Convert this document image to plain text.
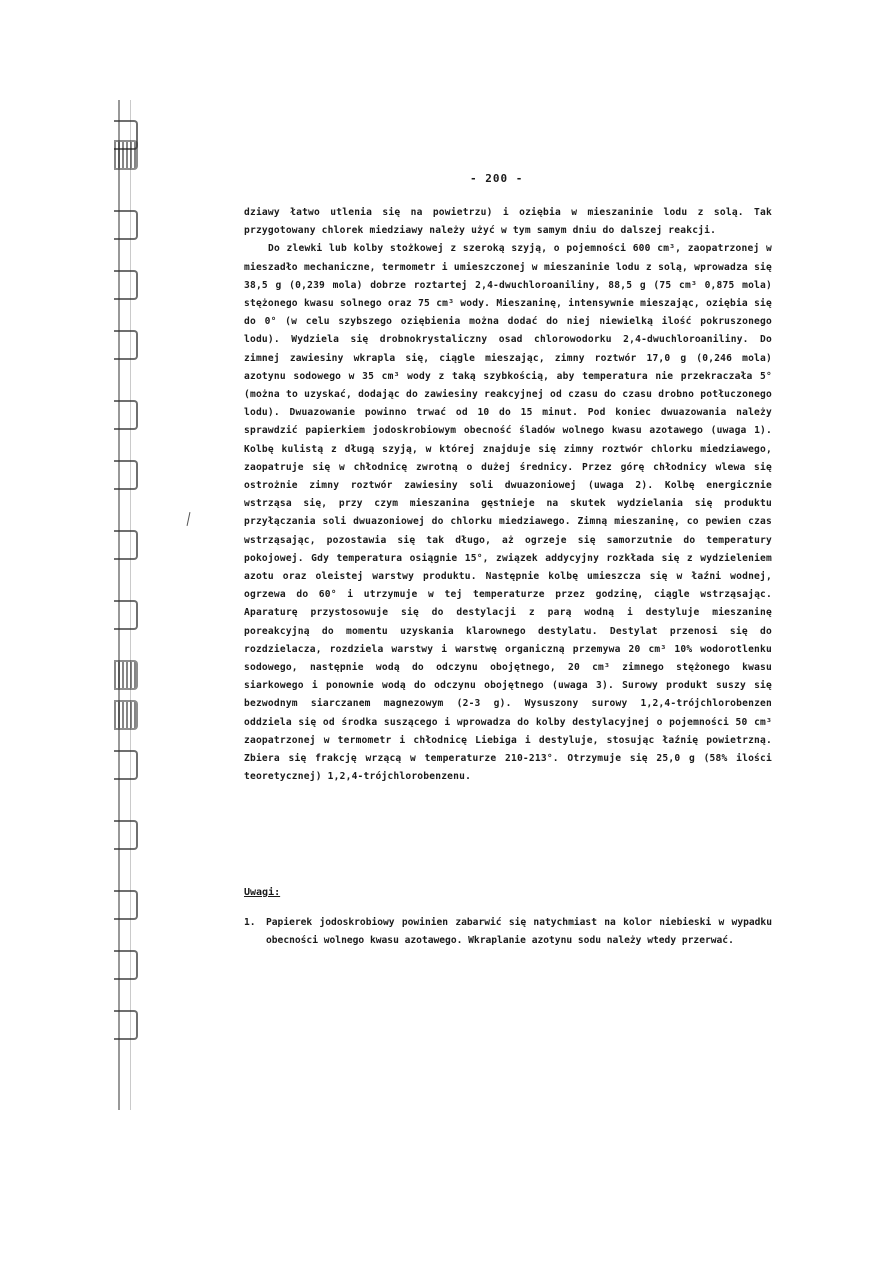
- 200 -

dziawy łatwo utlenia się na powietrzu) i oziębia w mieszaninie lodu z solą. Tak przygotowany chlorek miedziawy należy użyć w tym samym dniu do dalszej reakcji.

Do zlewki lub kolby stożkowej z szeroką szyją, o pojemności 600 cm³, zaopatrzonej w mieszadło mechaniczne, termometr i umieszczonej w mieszaninie lodu z solą, wprowadza się 38,5 g (0,239 mola) dobrze roztartej 2,4-dwuchloroaniliny, 88,5 g (75 cm³ 0,875 mola) stężonego kwasu solnego oraz 75 cm³ wody. Mieszaninę, intensywnie mieszając, oziębia się do 0° (w celu szybszego oziębienia można dodać do niej niewielką ilość pokruszonego lodu). Wydziela się drobnokrystaliczny osad chlorowodorku 2,4-dwuchloroaniliny. Do zimnej zawiesiny wkrapla się, ciągle mieszając, zimny roztwór 17,0 g (0,246 mola) azotynu sodowego w 35 cm³ wody z taką szybkością, aby temperatura nie przekraczała 5° (można to uzyskać, dodając do zawiesiny reakcyjnej od czasu do czasu drobno potłuczonego lodu). Dwuazowanie powinno trwać od 10 do 15 minut. Pod koniec dwuazowania należy sprawdzić papierkiem jodoskrobiowym obecność śladów wolnego kwasu azotawego (uwaga 1). Kolbę kulistą z długą szyją, w której znajduje się zimny roztwór chlorku miedziawego, zaopatruje się w chłodnicę zwrotną o dużej średnicy. Przez górę chłodnicy wlewa się ostrożnie zimny roztwór zawiesiny soli dwuazoniowej (uwaga 2). Kolbę energicznie wstrząsa się, przy czym mieszanina gęstnieje na skutek wydzielania się produktu przyłączania soli dwuazoniowej do chlorku miedziawego. Zimną mieszaninę, co pewien czas wstrząsając, pozostawia się tak długo, aż ogrzeje się samorzutnie do temperatury pokojowej. Gdy temperatura osiągnie 15°, związek addycyjny rozkłada się z wydzieleniem azotu oraz oleistej warstwy produktu. Następnie kolbę umieszcza się w łaźni wodnej, ogrzewa do 60° i utrzymuje w tej temperaturze przez godzinę, ciągle wstrząsając. Aparaturę przystosowuje się do destylacji z parą wodną i destyluje mieszaninę poreakcyjną do momentu uzyskania klarownego destylatu. Destylat przenosi się do rozdzielacza, rozdziela warstwy i warstwę organiczną przemywa 20 cm³ 10% wodorotlenku sodowego, następnie wodą do odczynu obojętnego, 20 cm³ zimnego stężonego kwasu siarkowego i ponownie wodą do odczynu obojętnego (uwaga 3). Surowy produkt suszy się bezwodnym siarczanem magnezowym (2-3 g). Wysuszony surowy 1,2,4-trójchlorobenzen oddziela się od środka suszącego i wprowadza do kolby destylacyjnej o pojemności 50 cm³ zaopatrzonej w termometr i chłodnicę Liebiga i destyluje, stosując łaźnię powietrzną. Zbiera się frakcję wrzącą w temperaturze 210-213°. Otrzymuje się 25,0 g (58% ilości teoretycznej) 1,2,4-trójchlorobenzenu.

Uwagi:
1. Papierek jodoskrobiowy powinien zabarwić się natychmiast na kolor niebieski w wypadku obecności wolnego kwasu azotawego. Wkraplanie azotynu sodu należy wtedy przerwać.
